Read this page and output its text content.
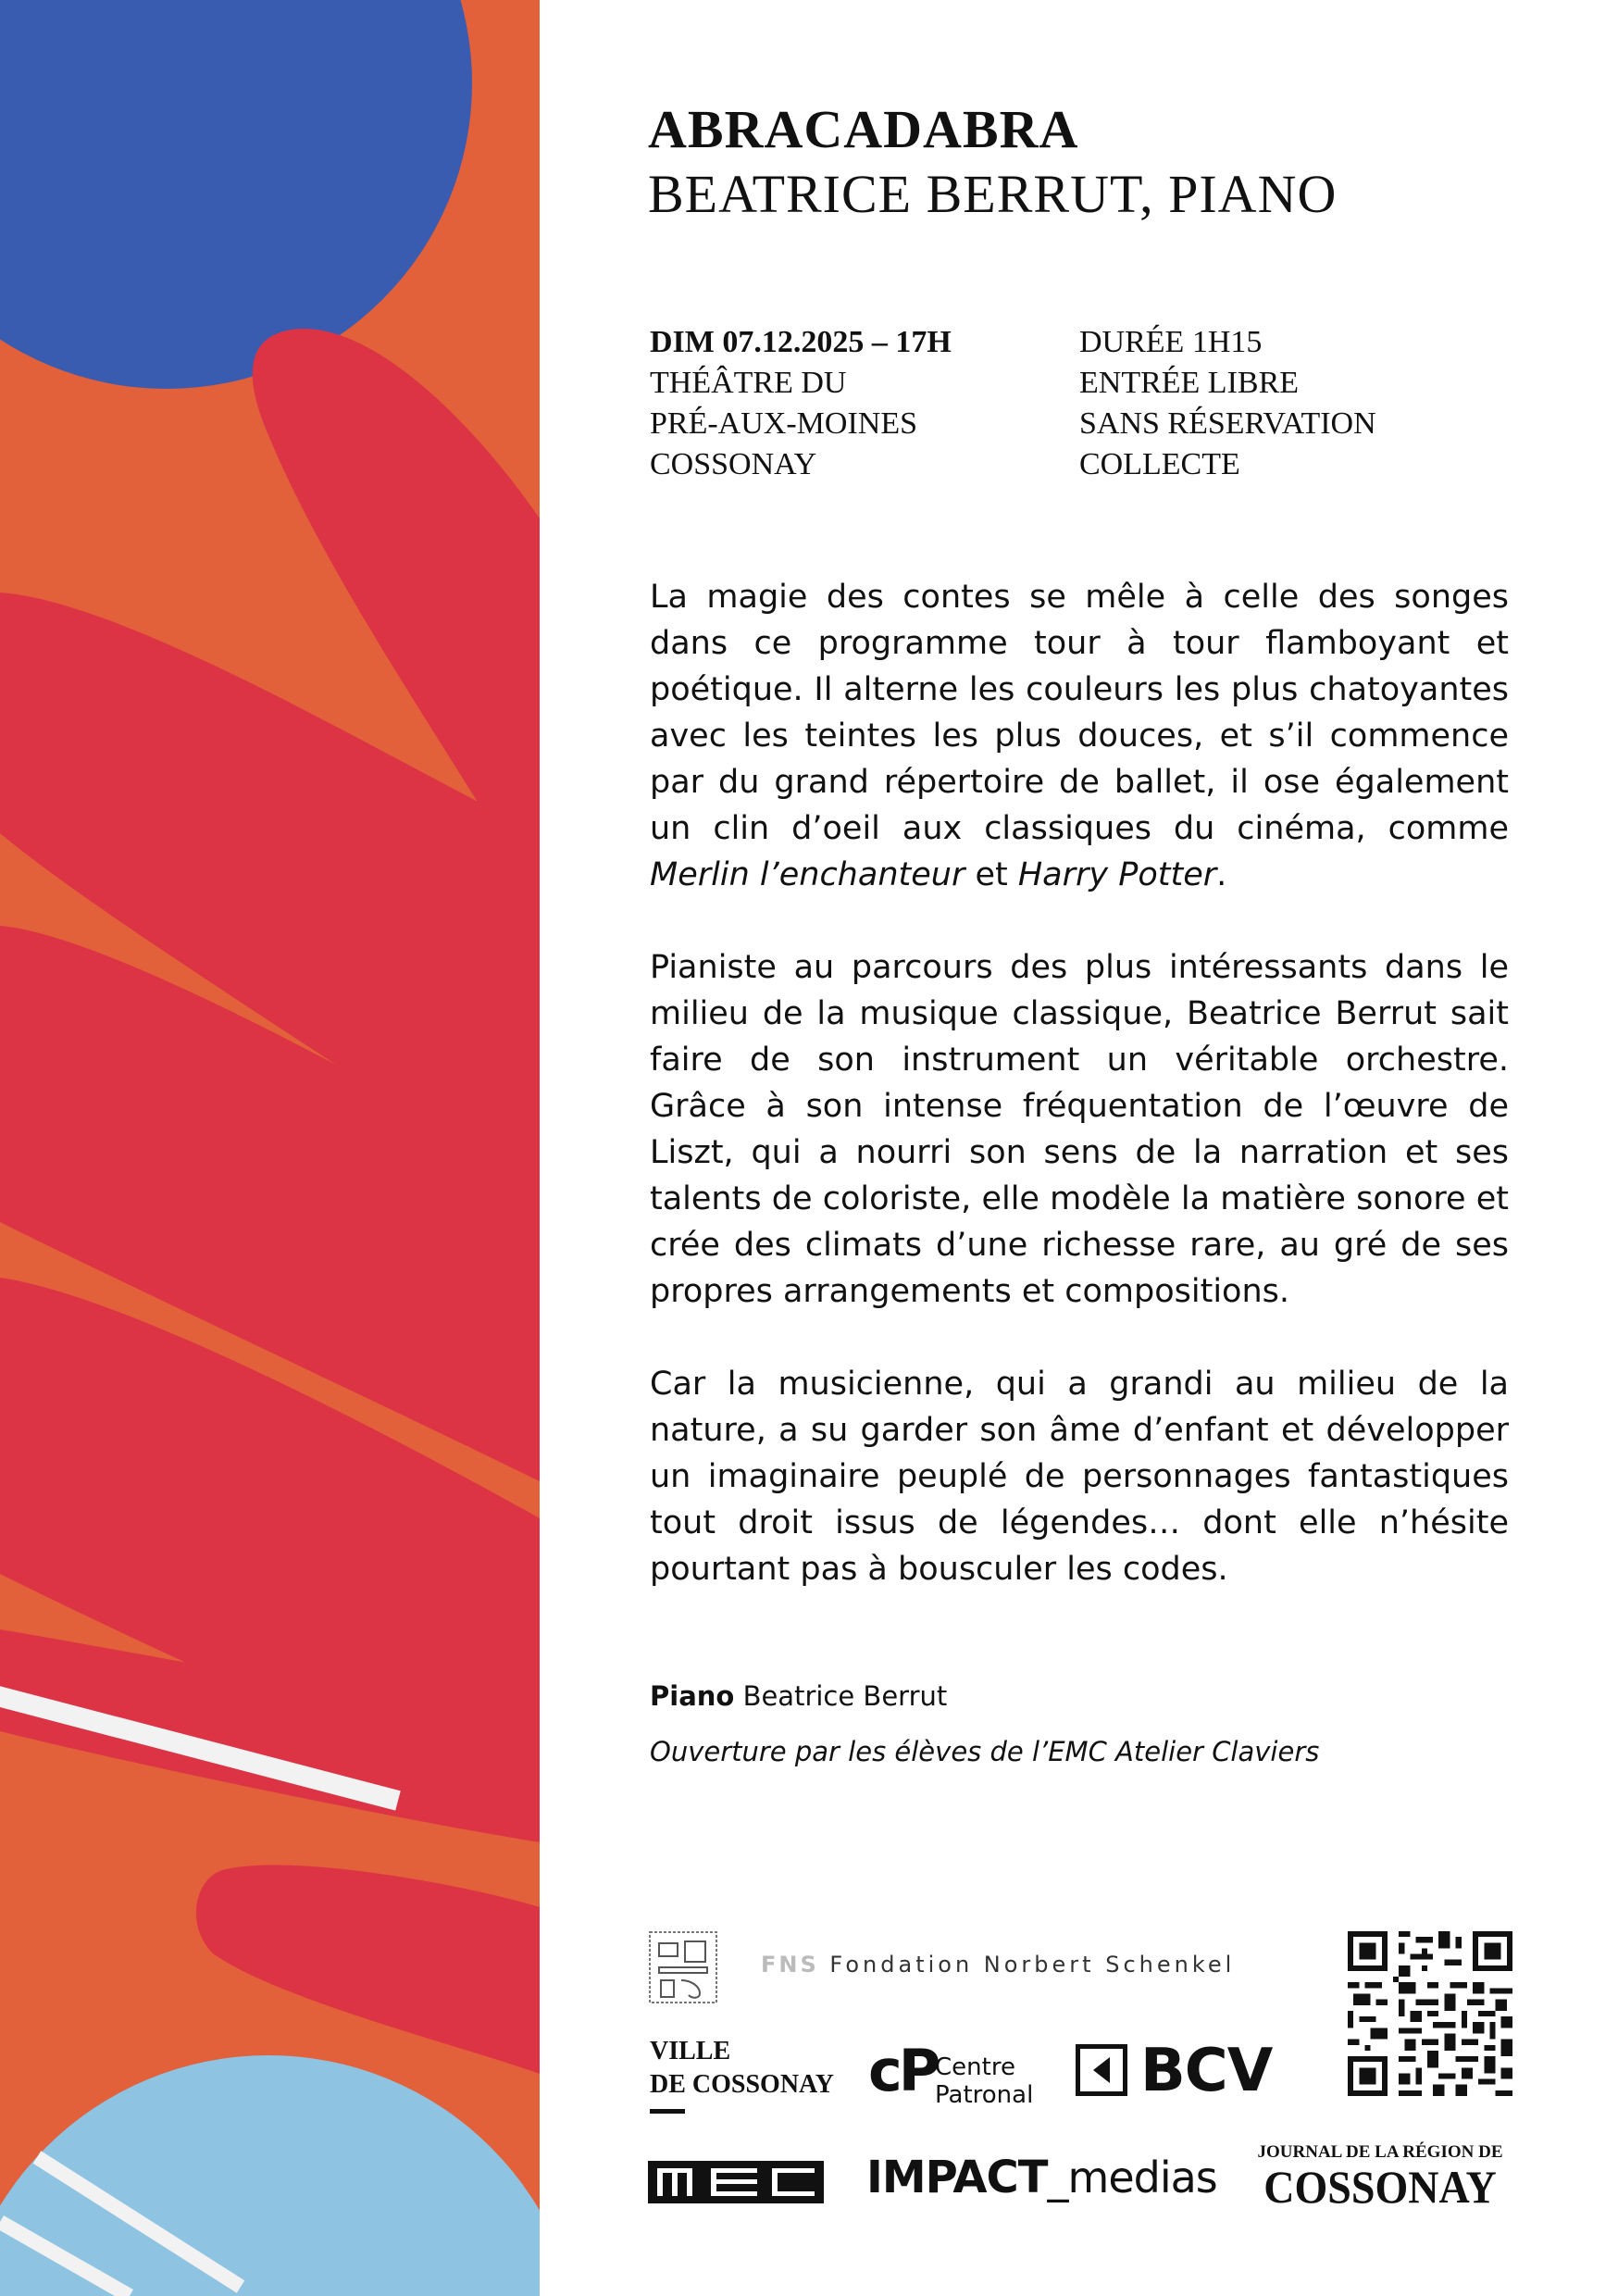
ABRACADABRA
BEATRICE BERRUT, PIANO
DIM 07.12.2025 – 17H
THÉÂTRE DU
PRÉ-AUX-MOINES
COSSONAY
DURÉE 1H15
ENTRÉE LIBRE
SANS RÉSERVATION
COLLECTE

La magie des contes se mêle à celle des songes dans ce programme tour à tour flamboyant et poétique. Il alterne les couleurs les plus chatoyantes avec les teintes les plus douces, et s’il commence par du grand répertoire de ballet, il ose également un clin d’oeil aux classiques du cinéma, comme Merlin l’enchanteur et Harry Potter.

Pianiste au parcours des plus intéressants dans le milieu de la musique classique, Beatrice Berrut sait faire de son instrument un véritable orchestre. Grâce à son intense fréquentation de l’œuvre de Liszt, qui a nourri son sens de la narration et ses talents de coloriste, elle modèle la matière sonore et crée des climats d’une richesse rare, au gré de ses propres arrangements et compositions.

Car la musicienne, qui a grandi au milieu de la nature, a su garder son âme d’enfant et développer un imaginaire peuplé de personnages fantastiques tout droit issus de légendes… dont elle n’hésite pourtant pas à bousculer les codes.

Piano Beatrice Berrut
Ouverture par les élèves de l’EMC Atelier Claviers
FNS Fondation Norbert Schenkel
VILLE
DE COSSONAY cP
Centre
Patronal BCV
IMPACT_medias
JOURNAL DE LA RÉGION DE
COSSONAY
